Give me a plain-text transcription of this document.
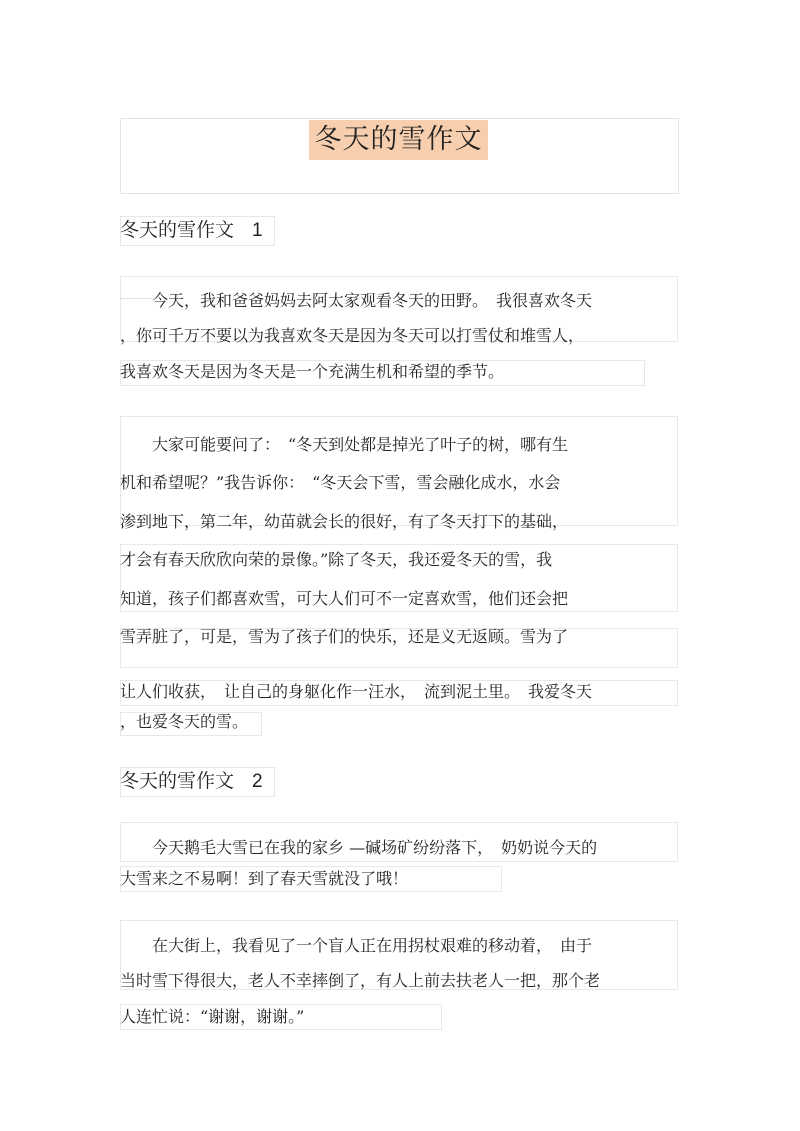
冬天的雪作文
冬天的雪作文 1
　　今天，我和爸爸妈妈去阿太家观看冬天的田野。　我很喜欢冬天
，你可千万不要以为我喜欢冬天是因为冬天可以打雪仗和堆雪人，
我喜欢冬天是因为冬天是一个充满生机和希望的季节。
　　大家可能要问了：　“冬天到处都是掉光了叶子的树，哪有生
机和希望呢？”我告诉你：　“冬天会下雪，雪会融化成水，水会
渗到地下，第二年，幼苗就会长的很好，有了冬天打下的基础，
才会有春天欣欣向荣的景像。”除了冬天，我还爱冬天的雪，我
知道，孩子们都喜欢雪，可大人们可不一定喜欢雪，他们还会把
雪弄脏了，可是，雪为了孩子们的快乐，还是义无返顾。雪为了
让人们收获，　让自己的身躯化作一汪水，　流到泥土里。　我爱冬天
，也爱冬天的雪。
冬天的雪作文 2
　　今天鹅毛大雪已在我的家乡 —碱场矿纷纷落下，　奶奶说今天的
大雪来之不易啊！到了春天雪就没了哦！
　　在大街上，我看见了一个盲人正在用拐杖艰难的移动着，　由于
当时雪下得很大，老人不幸摔倒了，有人上前去扶老人一把，那个老
人连忙说：“谢谢，谢谢。”
